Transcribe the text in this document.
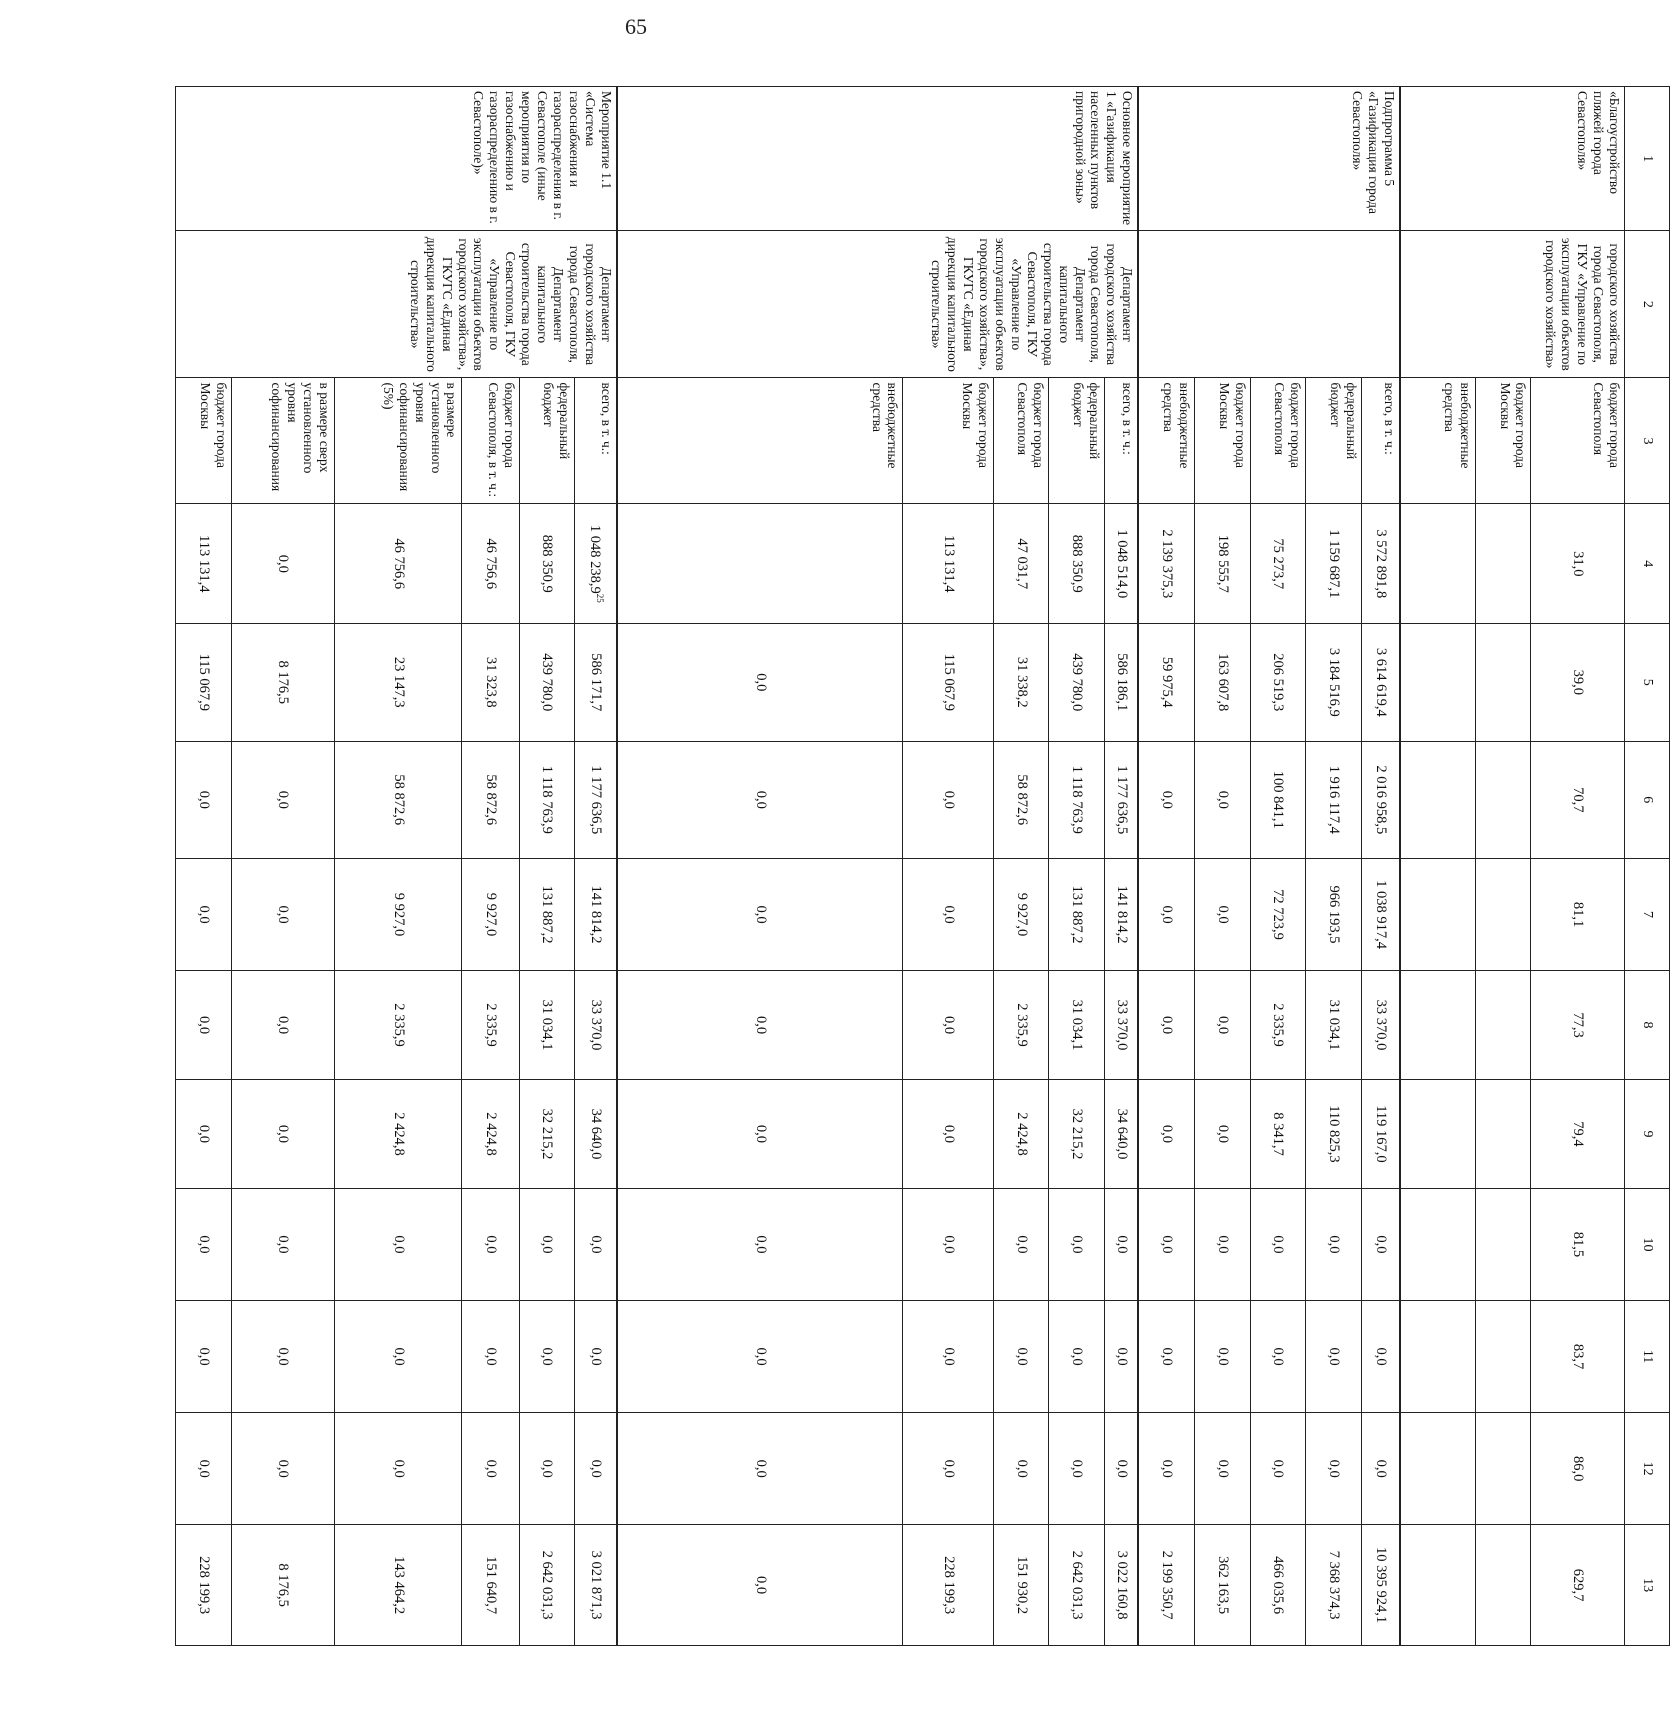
65
1	2	3	4	5	6	7	8	9	10	11	12	13
«Благоустройство пляжей города Севастополя»	городского хозяйства города Севастополя, ГКУ «Управление по эксплуатации объектов городского хозяйства»	бюджет города Севастополя	31,0	39,0	70,7	81,1	77,3	79,4	81,5	83,7	86,0	629,7
		бюджет города Москвы										
		внебюджетные средства										
Подпрограмма 5 «Газификация города Севастополя»		всего, в т. ч.:	3 572 891,8	3 614 619,4	2 016 958,5	1 038 917,4	33 370,0	119 167,0	0,0	0,0	0,0	10 395 924,1
		федеральный бюджет	1 159 687,1	3 184 516,9	1 916 117,4	966 193,5	31 034,1	110 825,3	0,0	0,0	0,0	7 368 374,3
		бюджет города Севастополя	75 273,7	206 519,3	100 841,1	72 723,9	2 335,9	8 341,7	0,0	0,0	0,0	466 035,6
		бюджет города Москвы	198 555,7	163 607,8	0,0	0,0	0,0	0,0	0,0	0,0	0,0	362 163,5
		внебюджетные средства	2 139 375,3	59 975,4	0,0	0,0	0,0	0,0	0,0	0,0	0,0	2 199 350,7
Основное мероприятие 1 «Газификация населенных пунктов пригородной зоны»	Департамент городского хозяйства города Севастополя, Департамент капитального строительства города Севастополя, ГКУ «Управление по эксплуатации объектов городского хозяйства», ГКУГС «Единая дирекция капитального строительства»	всего, в т. ч.:	1 048 514,0	586 186,1	1 177 636,5	141 814,2	33 370,0	34 640,0	0,0	0,0	0,0	3 022 160,8
		федеральный бюджет	888 350,9	439 780,0	1 118 763,9	131 887,2	31 034,1	32 215,2	0,0	0,0	0,0	2 642 031,3
		бюджет города Севастополя	47 031,7	31 338,2	58 872,6	9 927,0	2 335,9	2 424,8	0,0	0,0	0,0	151 930,2
		бюджет города Москвы	113 131,4	115 067,9	0,0	0,0	0,0	0,0	0,0	0,0	0,0	228 199,3
		внебюджетные средства		0,0	0,0	0,0	0,0	0,0	0,0	0,0	0,0	0,0
Мероприятие 1.1 «Система газоснабжения и газораспределения в г. Севастополе (иные мероприятия по газоснабжению и газораспределению в г. Севастополе)»	Департамент городского хозяйства города Севастополя, Департамент капитального строительства города Севастополя, ГКУ «Управление по эксплуатации объектов городского хозяйства», ГКУГС «Единая дирекция капитального строительства»	всего, в т. ч.:	1 048 238,9$^{25}$	586 171,7	1 177 636,5	141 814,2	33 370,0	34 640,0	0,0	0,0	0,0	3 021 871,3
		федеральный бюджет	888 350,9	439 780,0	1 118 763,9	131 887,2	31 034,1	32 215,2	0,0	0,0	0,0	2 642 031,3
		бюджет города Севастополя, в т. ч.:	46 756,6	31 323,8	58 872,6	9 927,0	2 335,9	2 424,8	0,0	0,0	0,0	151 640,7
		в размере установленного уровня софинансирования (5%)	46 756,6	23 147,3	58 872,6	9 927,0	2 335,9	2 424,8	0,0	0,0	0,0	143 464,2
		в размере сверх установленного уровня софинансирования	0,0	8 176,5	0,0	0,0	0,0	0,0	0,0	0,0	0,0	8 176,5
		бюджет города Москвы	113 131,4	115 067,9	0,0	0,0	0,0	0,0	0,0	0,0	0,0	228 199,3
